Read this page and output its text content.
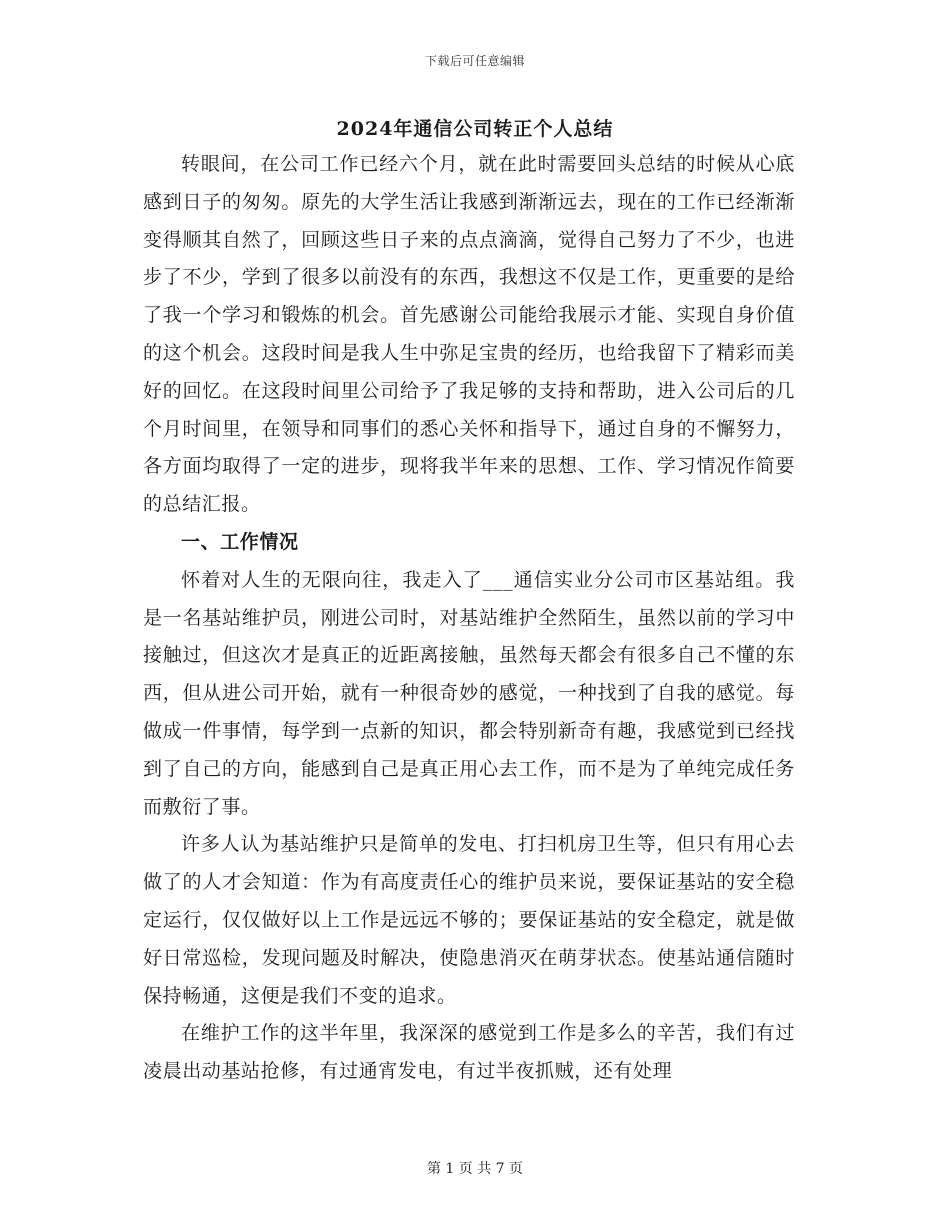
下载后可任意编辑
2024年通信公司转正个人总结

转眼间，在公司工作已经六个月，就在此时需要回头总结的时候从心底感到日子的匆匆。原先的大学生活让我感到渐渐远去，现在的工作已经渐渐变得顺其自然了，回顾这些日子来的点点滴滴，觉得自己努力了不少，也进步了不少，学到了很多以前没有的东西，我想这不仅是工作，更重要的是给了我一个学习和锻炼的机会。首先感谢公司能给我展示才能、实现自身价值的这个机会。这段时间是我人生中弥足宝贵的经历，也给我留下了精彩而美好的回忆。在这段时间里公司给予了我足够的支持和帮助，进入公司后的几个月时间里，在领导和同事们的悉心关怀和指导下，通过自身的不懈努力，各方面均取得了一定的进步，现将我半年来的思想、工作、学习情况作简要的总结汇报。

一、工作情况

怀着对人生的无限向往，我走入了___通信实业分公司市区基站组。我是一名基站维护员，刚进公司时，对基站维护全然陌生，虽然以前的学习中接触过，但这次才是真正的近距离接触，虽然每天都会有很多自己不懂的东西，但从进公司开始，就有一种很奇妙的感觉，一种找到了自我的感觉。每做成一件事情，每学到一点新的知识，都会特别新奇有趣，我感觉到已经找到了自己的方向，能感到自己是真正用心去工作，而不是为了单纯完成任务而敷衍了事。

许多人认为基站维护只是简单的发电、打扫机房卫生等，但只有用心去做了的人才会知道：作为有高度责任心的维护员来说，要保证基站的安全稳定运行，仅仅做好以上工作是远远不够的；要保证基站的安全稳定，就是做好日常巡检，发现问题及时解决，使隐患消灭在萌芽状态。使基站通信随时保持畅通，这便是我们不变的追求。

在维护工作的这半年里，我深深的感觉到工作是多么的辛苦，我们有过凌晨出动基站抢修，有过通宵发电，有过半夜抓贼，还有处理

第 1 页 共 7 页
